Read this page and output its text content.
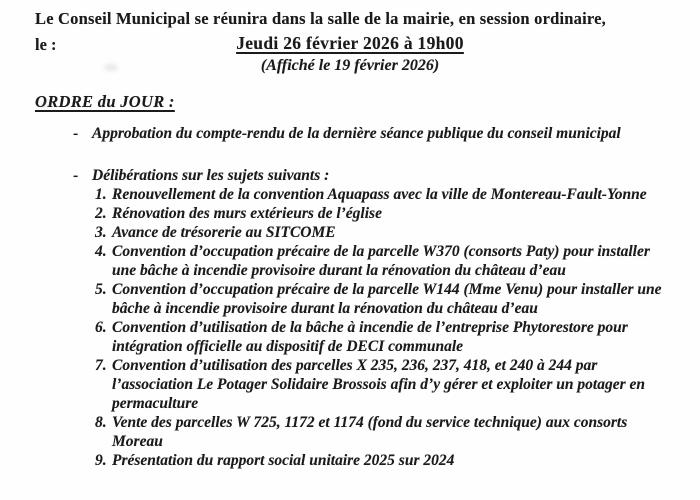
Le Conseil Municipal se réunira dans la salle de la mairie, en session ordinaire,
le :	Jeudi 26 février 2026 à 19h00
(Affiché le 19 février 2026)
ORDRE du JOUR :
- Approbation du compte-rendu de la dernière séance publique du conseil municipal
- Délibérations sur les sujets suivants :
1. Renouvellement de la convention Aquapass avec la ville de Montereau-Fault-Yonne
2. Rénovation des murs extérieurs de l’église
3. Avance de trésorerie au SITCOME
4. Convention d’occupation précaire de la parcelle W370 (consorts Paty) pour installer une bâche à incendie provisoire durant la rénovation du château d’eau
5. Convention d’occupation précaire de la parcelle W144 (Mme Venu) pour installer une bâche à incendie provisoire durant la rénovation du château d’eau
6. Convention d’utilisation de la bâche à incendie de l’entreprise Phytorestore pour intégration officielle au dispositif de DECI communale
7. Convention d’utilisation des parcelles X 235, 236, 237, 418, et 240 à 244 par l’association Le Potager Solidaire Brossois afin d’y gérer et exploiter un potager en permaculture
8. Vente des parcelles W 725, 1172 et 1174 (fond du service technique) aux consorts Moreau
9. Présentation du rapport social unitaire 2025 sur 2024
